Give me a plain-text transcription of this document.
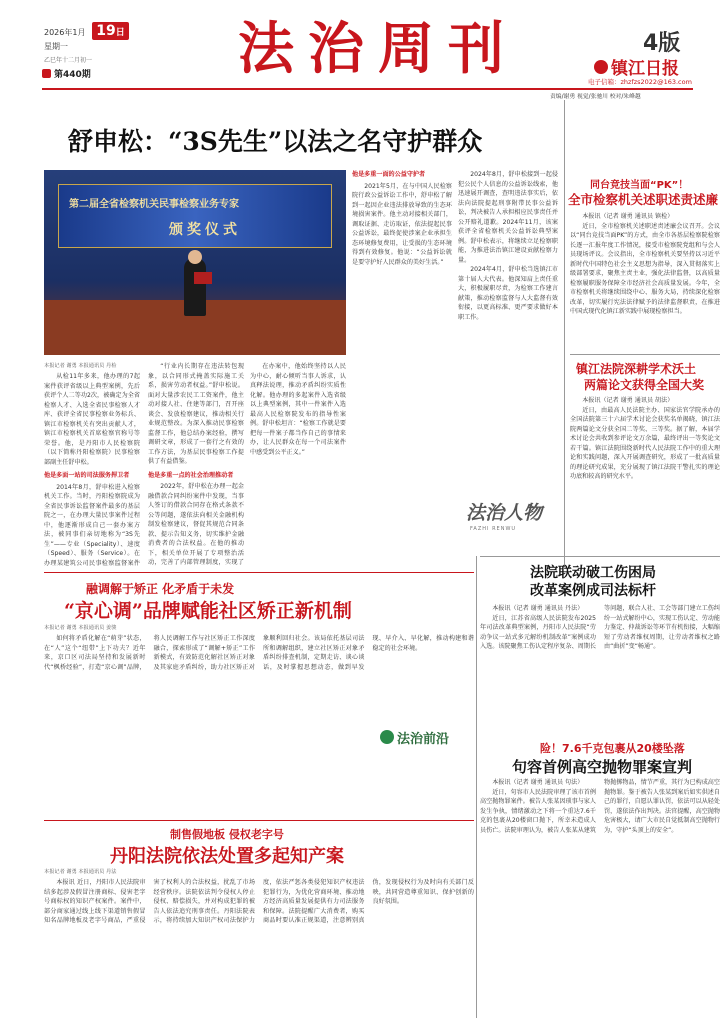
2026年1月 19日
星期一
乙巳年十二月初一
第440期	法治周刊	4版
镇江日报
电子信箱：zhzfzs2022@163.com
责编/谢勇 视觉/张驰川 校对/朱峰越
舒申松：“3S先生”以法之名守护群众
第二届全省检察机关民事检察业务专家
颁奖仪式
本报记者 谢勇 本报通讯员 丹检

从检11年多来，他办理的7起案件获评省级以上典型案例，先后获评个人二等功2次，被确定为全省检察人才、入选全省民事检察人才库、获评全省民事检察业务标兵、镇江市检察机关有突出贡献人才，镇江市检察机关首席检察官称号等荣誉。他，是丹阳市人民检察院（以下简称丹阳检察院）民事检察部副主任舒申松。

他是多面一站的司法服务捍卫者

2014年8月，舒申松进入检察机关工作。当时，丹阳检察院成为全省民事诉讼监督案件最多的基层院之一，在办理大量民事案件过程中，他逐渐形成自己一套办案方法，被同事们亲切地称为“3S先生”——专业（Speciality）、速度（Speed）、服务（Service）。在办理某建筑公司民事检察监督案件

“行业内长期存在违法转包现象，以合同形式掩盖实际施工关系，损害劳动者权益。”舒申松说。面对大量涉农民工工资案件，他主动对接人社、住建等部门，召开座谈会、发放检察建议，推动相关行业规范整改。为深入推动民事检察监督工作，他总结办案经验，撰写调研文章，形成了一套行之有效的工作方法，为基层民事检察工作提供了有益借鉴。

他是多重一点的社会治理推动者

2022年，舒申松在办理一起金融借款合同纠纷案件中发现，当事人签订的借款合同存在格式条款不公等问题，遂依法向相关金融机构制发检察建议，督促其规范合同条款、提示告知义务，切实维护金融消费者的合法权益。在他的推动下，相关单位开展了专项整治活动，完善了内部管理制度，实现了

在办案中，他始终坚持以人民为中心，耐心倾听当事人诉求，认真释法说理，推动矛盾纠纷实质性化解。他办理的多起案件入选省级以上典型案例，其中一件案件入选最高人民检察院发布的指导性案例。舒申松坦言：“检察工作就是要把每一件案子都当作自己的事情来办，让人民群众在每一个司法案件中感受到公平正义。”

他是多重一面的公益守护者

2021年5月，在与中国人民检察院行政公益诉讼工作中，舒申松了解到一起因企业违法排放导致的生态环境损害案件。他主动对接相关部门，调取证据、走访取证，依法提起民事公益诉讼，最终促使涉案企业承担生态环境修复费用，让受损的生态环境得到有效修复。他说：“公益诉讼就是要守护好人民群众的美好生活。”

2024年8月，舒申松接到一起侵犯公民个人信息的公益诉讼线索，他迅速展开调查，查明违法事实后，依法向法院提起刑事附带民事公益诉讼，判决被告人承担相应民事责任并公开赔礼道歉。2024年11月，该案获评全省检察机关公益诉讼典型案例。舒申松表示，将继续立足检察职能，为推进法治镇江建设贡献检察力量。

2024年4月，舒申松当选镇江市第十届人大代表。他深知肩上责任重大，积极履职尽责，为检察工作建言献策，推动检察监督与人大监督有效衔接，以更高标准、更严要求做好本职工作。

法治人物
FAZHI RENWU
同台竞技当面“PK”！
全市检察机关述职述责述廉

本报讯（记者 谢勇 通讯员 镇检）

近日，全市检察机关述职述责述廉会议召开。会议以“同台竞技当面PK”的方式，由全市各基层检察院检察长逐一汇报年度工作情况，接受市检察院党组和与会人员现场评议。会议指出，全市检察机关要坚持以习近平新时代中国特色社会主义思想为指导，深入贯彻落实上级部署要求，聚焦主责主业，强化法律监督，以高质量检察履职服务保障全市经济社会高质量发展。今年，全市检察机关将继续围绕中心、服务大局，持续深化检察改革，切实履行宪法法律赋予的法律监督职责，在推进中国式现代化镇江新实践中展现检察担当。

镇江法院深耕学术沃土
两篇论文获得全国大奖

本报讯（记者 谢勇 通讯员 胡法）

近日，由最高人民法院主办、国家法官学院承办的全国法院第三十六届学术讨论会获奖名单揭晓，镇江法院两篇论文分获全国二等奖、三等奖。据了解，本届学术讨论会共收到参评论文万余篇，最终评出一等奖论文若干篇。镇江法院围绕新时代人民法院工作中的重大理论和实践问题，深入开展调查研究，形成了一批高质量的理论研究成果，充分展现了镇江法院干警扎实的理论功底和较高的研究水平。

法院联动破工伤困局
改革案例成司法标杆

本报讯（记者 谢勇 通讯员 丹法）

近日，江苏省高级人民法院发布2025年司法改革典型案例，丹阳市人民法院“劳动争议一站式多元解纷机制改革”案例成功入选。该院聚焦工伤认定程序复杂、周期长等问题，联合人社、工会等部门建立工伤纠纷一站式解纷中心，实现工伤认定、劳动能力鉴定、仲裁诉讼等环节有机衔接，大幅缩短了劳动者维权周期，让劳动者维权之路由“曲折”变“畅通”。

融调解于矫正 化矛盾于未发
“京心调”品牌赋能社区矫正新机制
本报记者 谢勇 本报通讯员 姜骏

如何将矛盾化解在“萌芽”状态，在“人”这个“纽带”上下功夫？近年来，京口区司法局坚持和发展新时代“枫桥经验”，打造“京心调”品牌，将人民调解工作与社区矫正工作深度融合，探索形成了“调解+矫正”工作新模式，有效防范化解社区矫正对象及其家庭矛盾纠纷，助力社区矫正对象顺利回归社会。该局依托基层司法所和调解组织，建立社区矫正对象矛盾纠纷排查机制，定期走访、谈心谈话，及时掌握思想动态，做到早发现、早介入、早化解，推动构建和谐稳定的社会环境。

法治前沿
险！7.6千克包裹从20楼坠落
句容首例高空抛物罪案宣判

本报讯（记者 谢勇 通讯员 句法）

近日，句容市人民法院审理了该市首例高空抛物罪案件。被告人张某因琐事与家人发生争执，情绪激动之下将一个重达7.6千克的包裹从20楼窗口抛下，所幸未造成人员伤亡。法院审理认为，被告人张某从建筑物抛掷物品，情节严重，其行为已构成高空抛物罪。鉴于被告人张某到案后如实供述自己的罪行，自愿认罪认罚，依法可以从轻处罚，遂依法作出判决。法官提醒，高空抛物危害极大，请广大市民自觉抵制高空抛物行为，守护“头顶上的安全”。

制售假地板 侵权老字号
丹阳法院依法处置多起知产案
本报记者 谢勇 本报通讯员 丹法

本报讯 近日，丹阳市人民法院审结多起涉及假冒注册商标、侵害老字号商标权的知识产权案件。案件中，部分商家通过线上线下渠道销售假冒知名品牌地板及老字号商品，严重侵害了权利人的合法权益，扰乱了市场经营秩序。法院依法判令侵权人停止侵权、赔偿损失，并对构成犯罪的被告人依法追究刑事责任。丹阳法院表示，将持续加大知识产权司法保护力度，依法严惩各类侵犯知识产权违法犯罪行为，为优化营商环境、推动地方经济高质量发展提供有力司法服务和保障。法院提醒广大消费者，购买商品时要认准正规渠道，注意辨别真伪，发现侵权行为及时向有关部门反映，共同营造尊重知识、保护创新的良好氛围。
